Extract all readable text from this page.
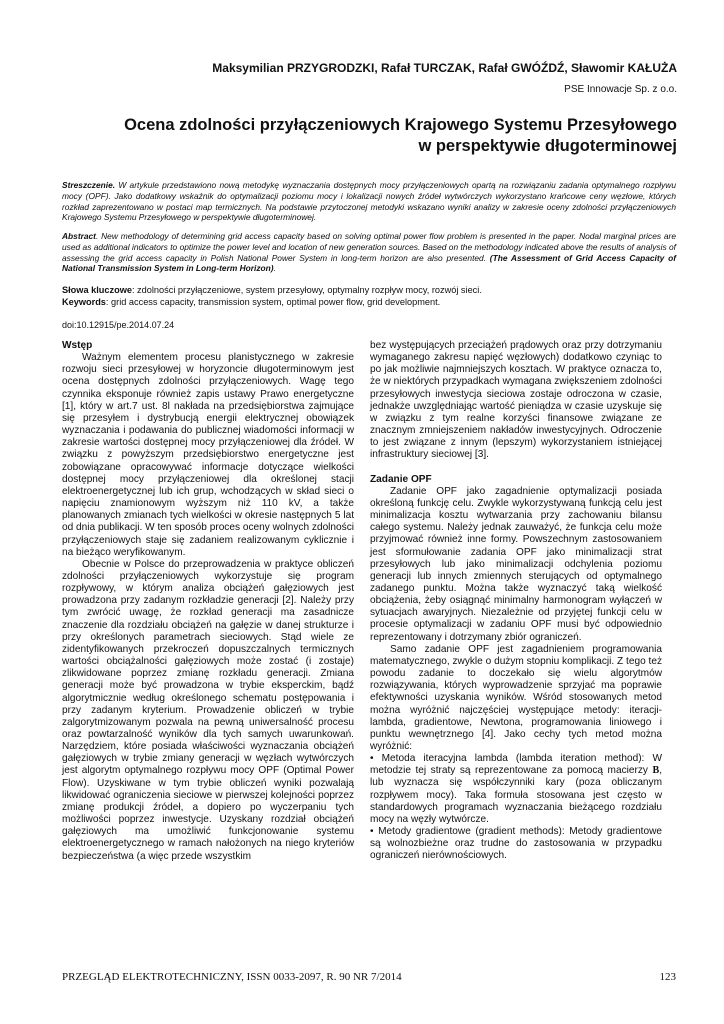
Maksymilian PRZYGRODZKI, Rafał TURCZAK, Rafał GWÓŹDŹ, Sławomir KAŁUŻA
PSE Innowacje Sp. z o.o.
Ocena zdolności przyłączeniowych Krajowego Systemu Przesyłowego
w perspektywie długoterminowej
Streszczenie. W artykule przedstawiono nową metodykę wyznaczania dostępnych mocy przyłączeniowych opartą na rozwiązaniu zadania optymalnego rozpływu mocy (OPF). Jako dodatkowy wskaźnik do optymalizacji poziomu mocy i lokalizacji nowych źródeł wytwórczych wykorzystano krańcowe ceny węzłowe, których rozkład zaprezentowano w postaci map termicznych. Na podstawie przytoczonej metodyki wskazano wyniki analizy w zakresie oceny zdolności przyłączeniowych Krajowego Systemu Przesyłowego w perspektywie długoterminowej.
Abstract. New methodology of determining grid access capacity based on solving optimal power flow problem is presented in the paper. Nodal marginal prices are used as additional indicators to optimize the power level and location of new generation sources. Based on the methodology indicated above the results of analysis of assessing the grid access capacity in Polish National Power System in long-term horizon are also presented. (The Assessment of Grid Access Capacity of National Transmission System in Long-term Horizon).
Słowa kluczowe: zdolności przyłączeniowe, system przesyłowy, optymalny rozpływ mocy, rozwój sieci.
Keywords: grid access capacity, transmission system, optimal power flow, grid development.
doi:10.12915/pe.2014.07.24
Wstęp

Ważnym elementem procesu planistycznego w zakresie rozwoju sieci przesyłowej w horyzoncie długoterminowym jest ocena dostępnych zdolności przyłączeniowych. Wagę tego czynnika eksponuje również zapis ustawy Prawo energetyczne [1], który w art.7 ust. 8l nakłada na przedsiębiorstwa zajmujące się przesyłem i dystrybucją energii elektrycznej obowiązek wyznaczania i podawania do publicznej wiadomości informacji w zakresie wartości dostępnej mocy przyłączeniowej dla źródeł. W związku z powyższym przedsiębiorstwo energetyczne jest zobowiązane opracowywać informacje dotyczące wielkości dostępnej mocy przyłączeniowej dla określonej stacji elektroenergetycznej lub ich grup, wchodzących w skład sieci o napięciu znamionowym wyższym niż 110 kV, a także planowanych zmianach tych wielkości w okresie następnych 5 lat od dnia publikacji. W ten sposób proces oceny wolnych zdolności przyłączeniowych staje się zadaniem realizowanym cyklicznie i na bieżąco weryfikowanym.

Obecnie w Polsce do przeprowadzenia w praktyce obliczeń zdolności przyłączeniowych wykorzystuje się program rozpływowy, w którym analiza obciążeń gałęziowych jest prowadzona przy zadanym rozkładzie generacji [2]. Należy przy tym zwrócić uwagę, że rozkład generacji ma zasadnicze znaczenie dla rozdziału obciążeń na gałęzie w danej strukturze i przy określonych parametrach sieciowych. Stąd wiele ze zidentyfikowanych przekroczeń dopuszczalnych termicznych wartości obciążalności gałęziowych może zostać (i zostaje) zlikwidowane poprzez zmianę rozkładu generacji. Zmiana generacji może być prowadzona w trybie eksperckim, bądź algorytmicznie według określonego schematu postępowania i przy zadanym kryterium. Prowadzenie obliczeń w trybie zalgorytmizowanym pozwala na pewną uniwersalność procesu oraz powtarzalność wyników dla tych samych uwarunkowań. Narzędziem, które posiada właściwości wyznaczania obciążeń gałęziowych w trybie zmiany generacji w węzłach wytwórczych jest algorytm optymalnego rozpływu mocy OPF (Optimal Power Flow). Uzyskiwane w tym trybie obliczeń wyniki pozwalają likwidować ograniczenia sieciowe w pierwszej kolejności poprzez zmianę produkcji źródeł, a dopiero po wyczerpaniu tych możliwości poprzez inwestycje. Uzyskany rozdział obciążeń gałęziowych ma umożliwić funkcjonowanie systemu elektroenergetycznego w ramach nałożonych na niego kryteriów bezpieczeństwa (a więc przede wszystkim

bez występujących przeciążeń prądowych oraz przy dotrzymaniu wymaganego zakresu napięć węzłowych) dodatkowo czyniąc to po jak możliwie najmniejszych kosztach. W praktyce oznacza to, że w niektórych przypadkach wymagana zwiększeniem zdolności przesyłowych inwestycja sieciowa zostaje odroczona w czasie, jednakże uwzględniając wartość pieniądza w czasie uzyskuje się w związku z tym realne korzyści finansowe związane ze znacznym zmniejszeniem nakładów inwestycyjnych. Odroczenie to jest związane z innym (lepszym) wykorzystaniem istniejącej infrastruktury sieciowej [3].

Zadanie OPF

Zadanie OPF jako zagadnienie optymalizacji posiada określoną funkcję celu. Zwykle wykorzystywaną funkcją celu jest minimalizacja kosztu wytwarzania przy zachowaniu bilansu całego systemu. Należy jednak zauważyć, że funkcja celu może przyjmować również inne formy. Powszechnym zastosowaniem jest sformułowanie zadania OPF jako minimalizacji strat przesyłowych lub jako minimalizacji odchylenia poziomu generacji lub innych zmiennych sterujących od optymalnego zadanego punktu. Można także wyznaczyć taką wielkość obciążenia, żeby osiągnąć minimalny harmonogram wyłączeń w sytuacjach awaryjnych. Niezależnie od przyjętej funkcji celu w procesie optymalizacji w zadaniu OPF musi być odpowiednio reprezentowany i dotrzymany zbiór ograniczeń.

Samo zadanie OPF jest zagadnieniem programowania matematycznego, zwykle o dużym stopniu komplikacji. Z tego też powodu zadanie to doczekało się wielu algorytmów rozwiązywania, których wyprowadzenie sprzyjać ma poprawie efektywności uzyskania wyników. Wśród stosowanych metod można wyróżnić najczęściej występujące metody: iteracji-lambda, gradientowe, Newtona, programowania liniowego i punktu wewnętrznego [4]. Jako cechy tych metod można wyróżnić:

• Metoda iteracyjna lambda (lambda iteration method): W metodzie tej straty są reprezentowane za pomocą macierzy B, lub wyznacza się współczynniki kary (poza obliczanym rozpływem mocy). Taka formuła stosowana jest często w standardowych programach wyznaczania bieżącego rozdziału mocy na węzły wytwórcze.

• Metody gradientowe (gradient methods): Metody gradientowe są wolnozbieżne oraz trudne do zastosowania w przypadku ograniczeń nierównościowych.

PRZEGLĄD ELEKTROTECHNICZNY, ISSN 0033-2097, R. 90 NR 7/2014	123
